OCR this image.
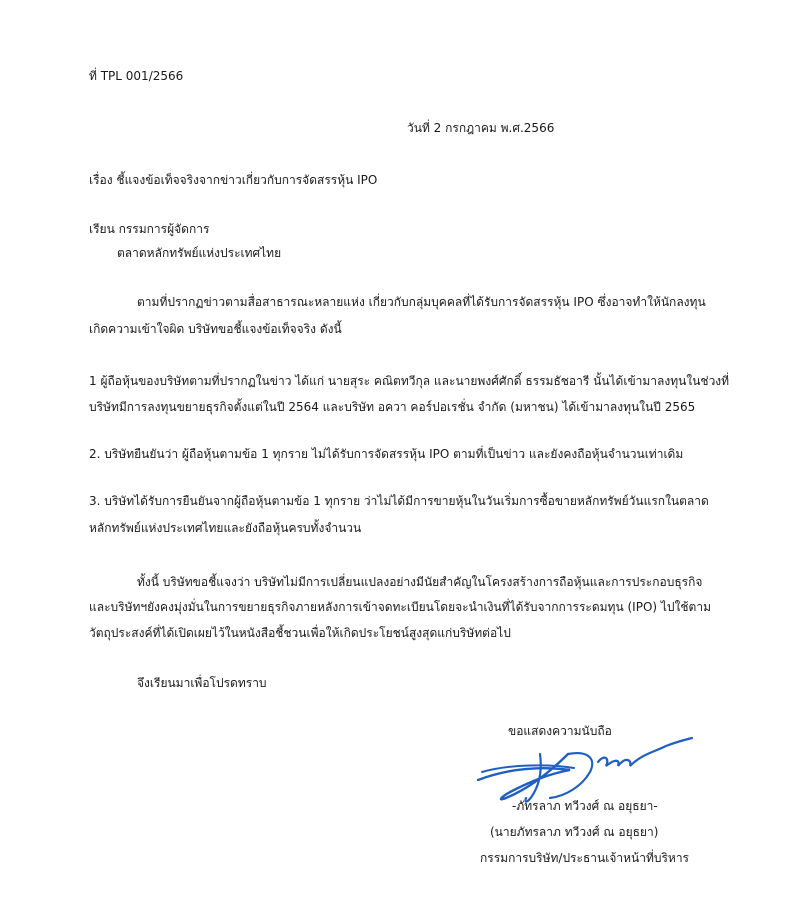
ที่ TPL 001/2566
วันที่ 2 กรกฎาคม พ.ศ.2566
เรื่อง ชี้แจงข้อเท็จจริงจากข่าวเกี่ยวกับการจัดสรรหุ้น IPO
เรียน กรรมการผู้จัดการ
ตลาดหลักทรัพย์แห่งประเทศไทย
ตามที่ปรากฏข่าวตามสื่อสาธารณะหลายแห่ง เกี่ยวกับกลุ่มบุคคลที่ได้รับการจัดสรรหุ้น IPO ซึ่งอาจทำให้นักลงทุน
เกิดความเข้าใจผิด บริษัทขอชี้แจงข้อเท็จจริง ดังนี้
1 ผู้ถือหุ้นของบริษัทตามที่ปรากฏในข่าว ได้แก่ นายสุระ คณิตทวีกุล และนายพงศ์ศักดิ์ ธรรมธัชอารี นั้นได้เข้ามาลงทุนในช่วงที่
บริษัทมีการลงทุนขยายธุรกิจตั้งแต่ในปี 2564 และบริษัท อควา คอร์ปอเรชั่น จำกัด (มหาชน) ได้เข้ามาลงทุนในปี 2565
2. บริษัทยืนยันว่า ผู้ถือหุ้นตามข้อ 1 ทุกราย ไม่ได้รับการจัดสรรหุ้น IPO ตามที่เป็นข่าว และยังคงถือหุ้นจำนวนเท่าเดิม
3. บริษัทได้รับการยืนยันจากผู้ถือหุ้นตามข้อ 1 ทุกราย ว่าไม่ได้มีการขายหุ้นในวันเริ่มการซื้อขายหลักทรัพย์วันแรกในตลาด
หลักทรัพย์แห่งประเทศไทยและยังถือหุ้นครบทั้งจำนวน
ทั้งนี้ บริษัทขอชี้แจงว่า บริษัทไม่มีการเปลี่ยนแปลงอย่างมีนัยสำคัญในโครงสร้างการถือหุ้นและการประกอบธุรกิจ
และบริษัทฯยังคงมุ่งมั่นในการขยายธุรกิจภายหลังการเข้าจดทะเบียนโดยจะนำเงินที่ได้รับจากการระดมทุน (IPO) ไปใช้ตาม
วัตถุประสงค์ที่ได้เปิดเผยไว้ในหนังสือชี้ชวนเพื่อให้เกิดประโยชน์สูงสุดแก่บริษัทต่อไป
จึงเรียนมาเพื่อโปรดทราบ
ขอแสดงความนับถือ
-ภัทรลาภ ทวีวงศ์ ณ อยุธยา-
(นายภัทรลาภ ทวีวงศ์ ณ อยุธยา)
กรรมการบริษัท/ประธานเจ้าหน้าที่บริหาร
